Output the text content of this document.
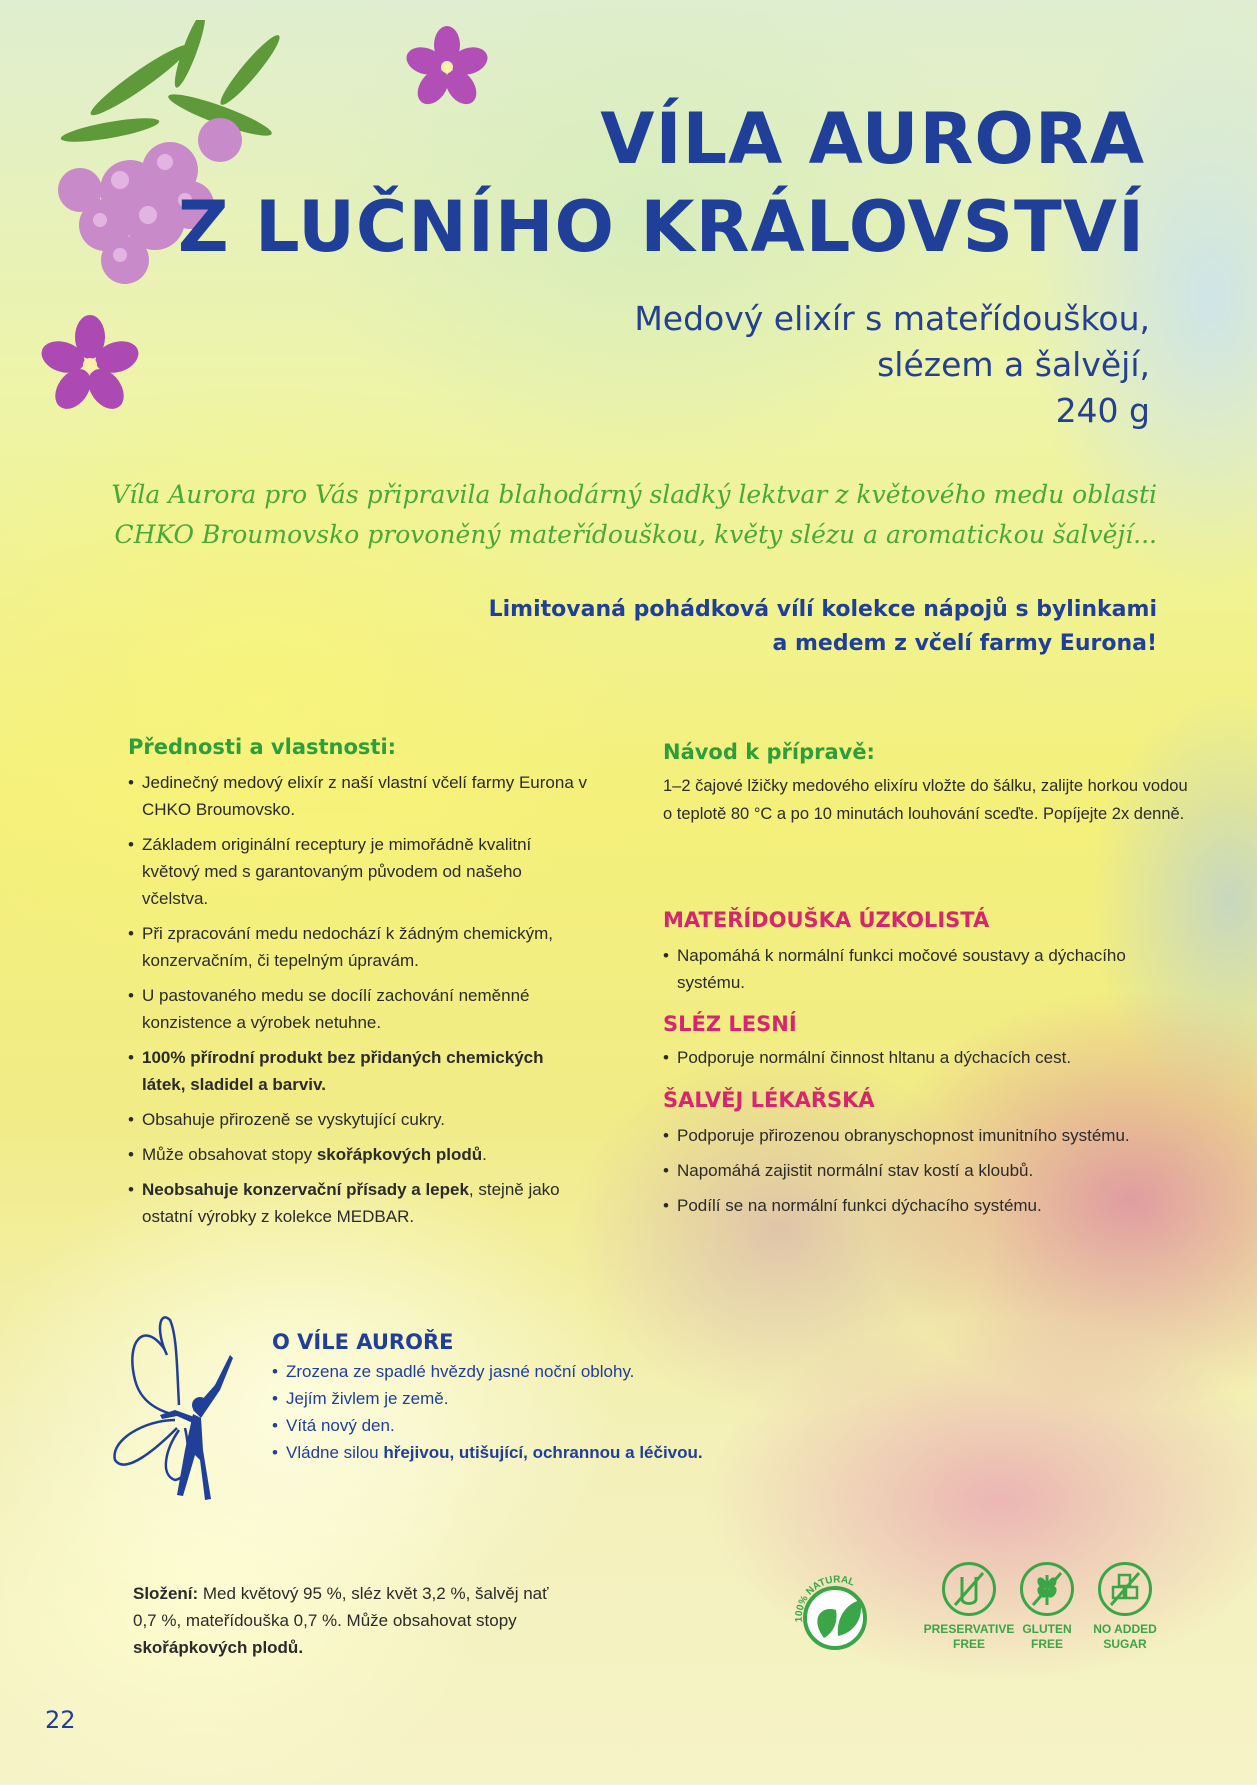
VÍLA AURORA
Z LUČNÍHO KRÁLOVSTVÍ
Medový elixír s mateřídouškou,
slézem a šalvějí,
240 g
Víla Aurora pro Vás připravila blahodárný sladký lektvar z květového medu oblasti
CHKO Broumovsko provoněný mateřídouškou, květy slézu a aromatickou šalvějí...
Limitovaná pohádková vílí kolekce nápojů s bylinkami
a medem z včelí farmy Eurona!
Přednosti a vlastnosti:
• Jedinečný medový elixír z naší vlastní včelí farmy Eurona v CHKO Broumovsko.
• Základem originální receptury je mimořádně kvalitní květový med s garantovaným původem od našeho včelstva.
• Při zpracování medu nedochází k žádným chemickým, konzervačním, či tepelným úpravám.
• U pastovaného medu se docílí zachování neměnné konzistence a výrobek netuhne.
• 100% přírodní produkt bez přidaných chemických látek, sladidel a barviv.
• Obsahuje přirozeně se vyskytující cukry.
• Může obsahovat stopy skořápkových plodů.
• Neobsahuje konzervační přísady a lepek, stejně jako ostatní výrobky z kolekce MEDBAR.
Návod k přípravě:
1–2 čajové lžičky medového elixíru vložte do šálku, zalijte horkou vodou o teplotě 80 °C a po 10 minutách louhování sceďte. Popíjejte 2x denně.
MATEŘÍDOUŠKA ÚZKOLISTÁ
• Napomáhá k normální funkci močové soustavy a dýchacího systému.
SLÉZ LESNÍ
• Podporuje normální činnost hltanu a dýchacích cest.
ŠALVĚJ LÉKAŘSKÁ
• Podporuje přirozenou obranyschopnost imunitního systému.
• Napomáhá zajistit normální stav kostí a kloubů.
• Podílí se na normální funkci dýchacího systému.
O VÍLE AUROŘE
• Zrozena ze spadlé hvězdy jasné noční oblohy.
• Jejím živlem je země.
• Vítá nový den.
• Vládne silou hřejivou, utišující, ochrannou a léčivou.
Složení: Med květový 95 %, sléz květ 3,2 %, šalvěj nať 0,7 %, mateřídouška 0,7 %. Může obsahovat stopy skořápkových plodů.
100% NATURAL
PRESERVATIVE
FREE
GLUTEN
FREE
NO ADDED
SUGAR
22
